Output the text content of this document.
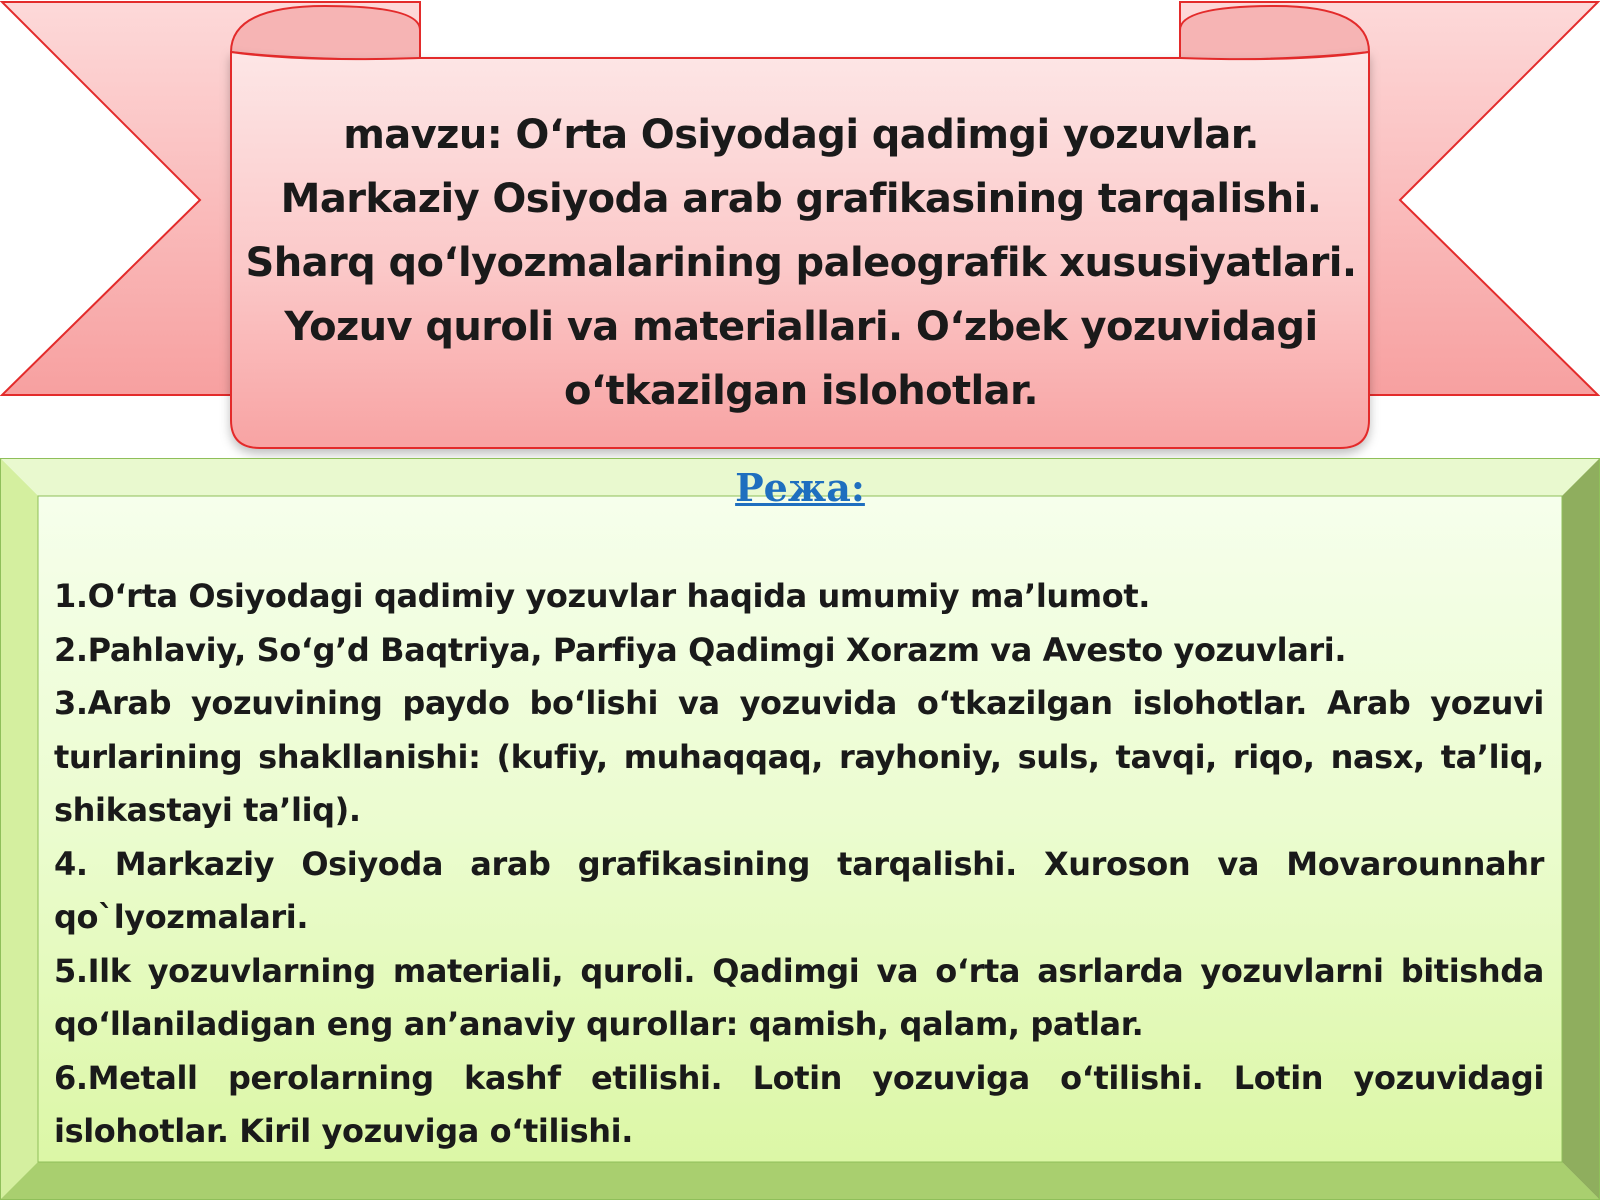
mavzu: Oʻrta Osiyodagi qadimgi yozuvlar.
Markaziy Osiyoda arab grafikasining tarqalishi.
Sharq qoʻlyozmalarining paleografik xususiyatlari.
Yozuv quroli va materiallari. Oʻzbek yozuvidagi
oʻtkazilgan islohotlar.
Режа:

1.Oʻrta Osiyodagi qadimiy yozuvlar haqida umumiy ma’lumot.

2.Pahlaviy, Soʻg’d Baqtriya, Parfiya Qadimgi Xorazm va Avesto yozuvlari.

3.Arab yozuvining paydo boʻlishi va yozuvida oʻtkazilgan islohotlar. Arab yozuvi turlarining shakllanishi: (kufiy, muhaqqaq, rayhoniy, suls, tavqi, riqo, nasx, ta’liq, shikastayi ta’liq).

4. Markaziy Osiyoda arab grafikasining tarqalishi. Xuroson va Movarounnahr qo`lyozmalari.

5.Ilk yozuvlarning materiali, quroli. Qadimgi va oʻrta asrlarda yozuvlarni bitishda qoʻllaniladigan eng an’anaviy qurollar: qamish, qalam, patlar.

6.Metall perolarning kashf etilishi. Lotin yozuviga oʻtilishi. Lotin yozuvidagi islohotlar. Kiril yozuviga oʻtilishi.
